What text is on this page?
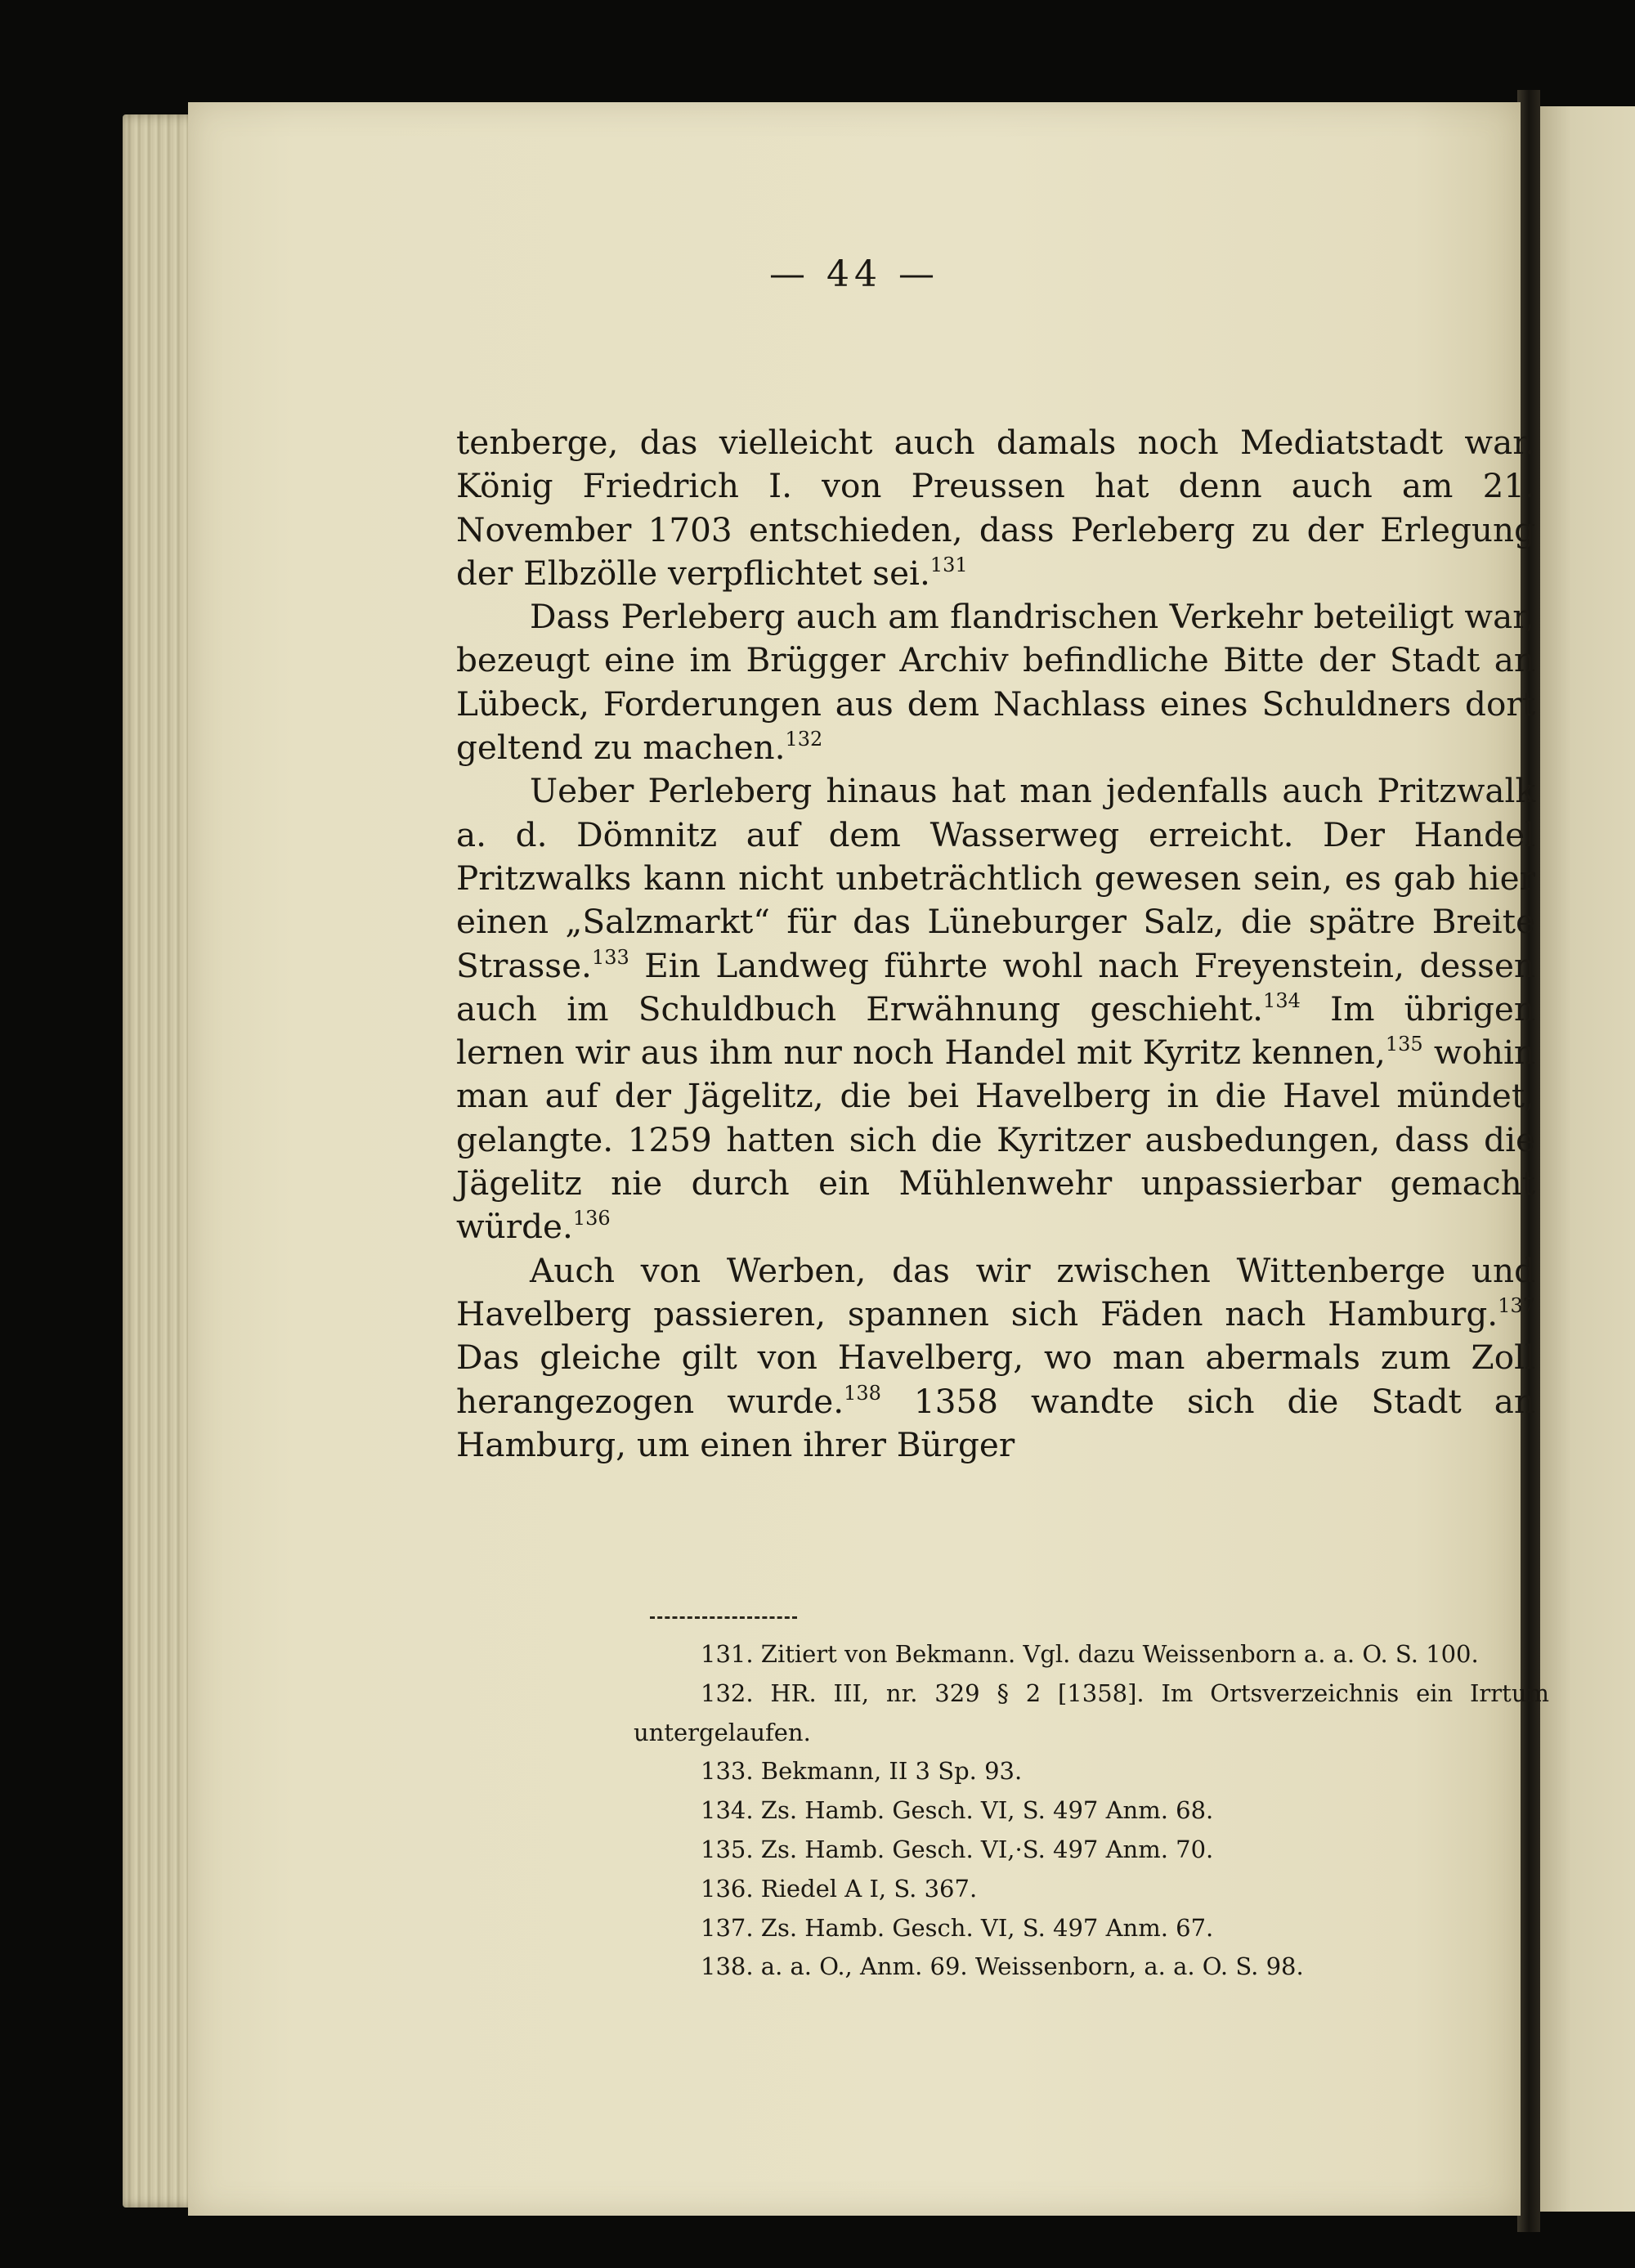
— 44 —

tenberge, das vielleicht auch damals noch Mediatstadt war. König Friedrich I. von Preussen hat denn auch am 21. November 1703 entschieden, dass Perleberg zu der Erlegung der Elbzölle verpflichtet sei.$^{131}$

Dass Perleberg auch am flandrischen Verkehr beteiligt war, bezeugt eine im Brügger Archiv befindliche Bitte der Stadt an Lübeck, Forderungen aus dem Nachlass eines Schuldners dort geltend zu machen.$^{132}$

Ueber Perleberg hinaus hat man jedenfalls auch Pritzwalk a. d. Dömnitz auf dem Wasserweg erreicht. Der Handel Pritzwalks kann nicht unbeträchtlich gewesen sein, es gab hier einen „Salzmarkt“ für das Lüneburger Salz, die spätre Breite Strasse.$^{133}$ Ein Landweg führte wohl nach Freyenstein, dessen auch im Schuldbuch Erwähnung geschieht.$^{134}$ Im übrigen lernen wir aus ihm nur noch Handel mit Kyritz kennen,$^{135}$ wohin man auf der Jägelitz, die bei Havelberg in die Havel mündet, gelangte. 1259 hatten sich die Kyritzer ausbedungen, dass die Jägelitz nie durch ein Mühlenwehr unpassierbar gemacht würde.$^{136}$

Auch von Werben, das wir zwischen Wittenberge und Havelberg passieren, spannen sich Fäden nach Hamburg.$^{137}$ Das gleiche gilt von Havelberg, wo man abermals zum Zoll herangezogen wurde.$^{138}$ 1358 wandte sich die Stadt an Hamburg, um einen ihrer Bürger

131. Zitiert von Bekmann. Vgl. dazu Weissenborn a. a. O. S. 100.

132. HR. III, nr. 329 § 2 [1358]. Im Ortsverzeichnis ein Irrtum untergelaufen.

133. Bekmann, II 3 Sp. 93.

134. Zs. Hamb. Gesch. VI, S. 497 Anm. 68.

135. Zs. Hamb. Gesch. VI,·S. 497 Anm. 70.

136. Riedel A I, S. 367.

137. Zs. Hamb. Gesch. VI, S. 497 Anm. 67.

138. a. a. O., Anm. 69. Weissenborn, a. a. O. S. 98.
